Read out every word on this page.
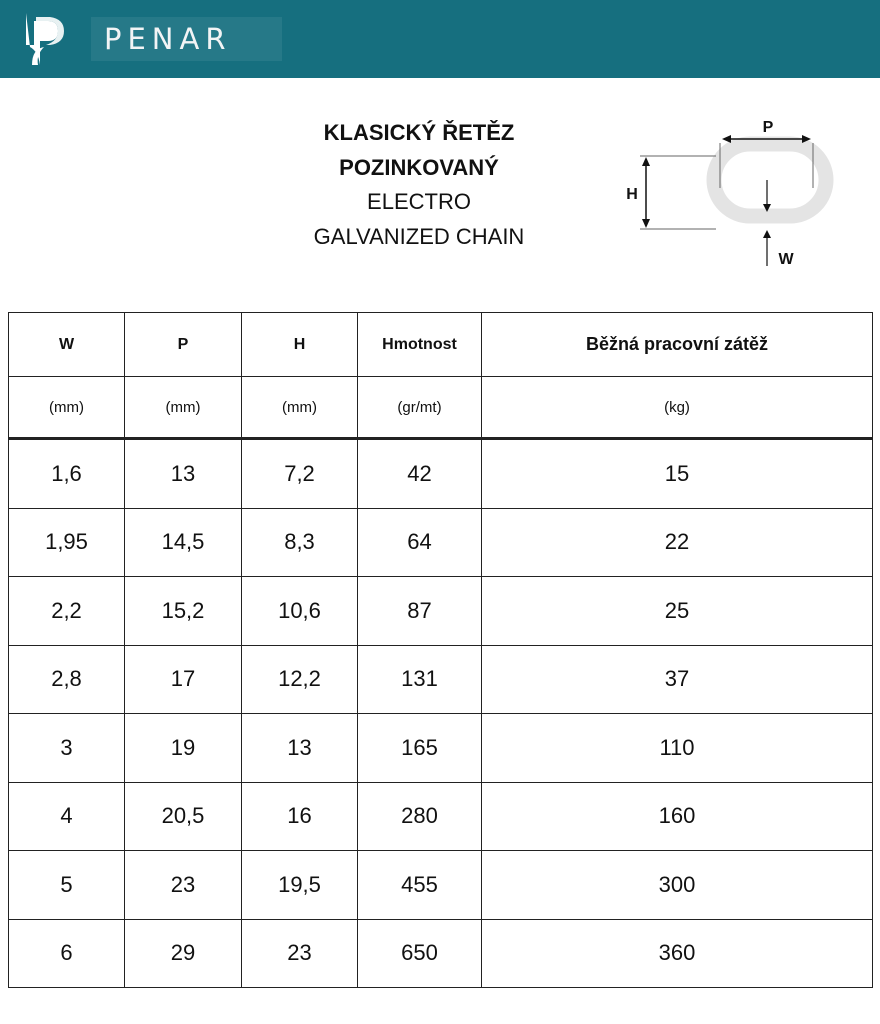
PENAR
KLASICKÝ ŘETĚZ
POZINKOVANÝ
ELECTRO
GALVANIZED CHAIN
P
H
W
W	P	H	Hmotnost	Běžná pracovní zátěž
(mm)	(mm)	(mm)	(gr/mt)	(kg)
1,6	13	7,2	42	15
1,95	14,5	8,3	64	22
2,2	15,2	10,6	87	25
2,8	17	12,2	131	37
3	19	13	165	110
4	20,5	16	280	160
5	23	19,5	455	300
6	29	23	650	360
